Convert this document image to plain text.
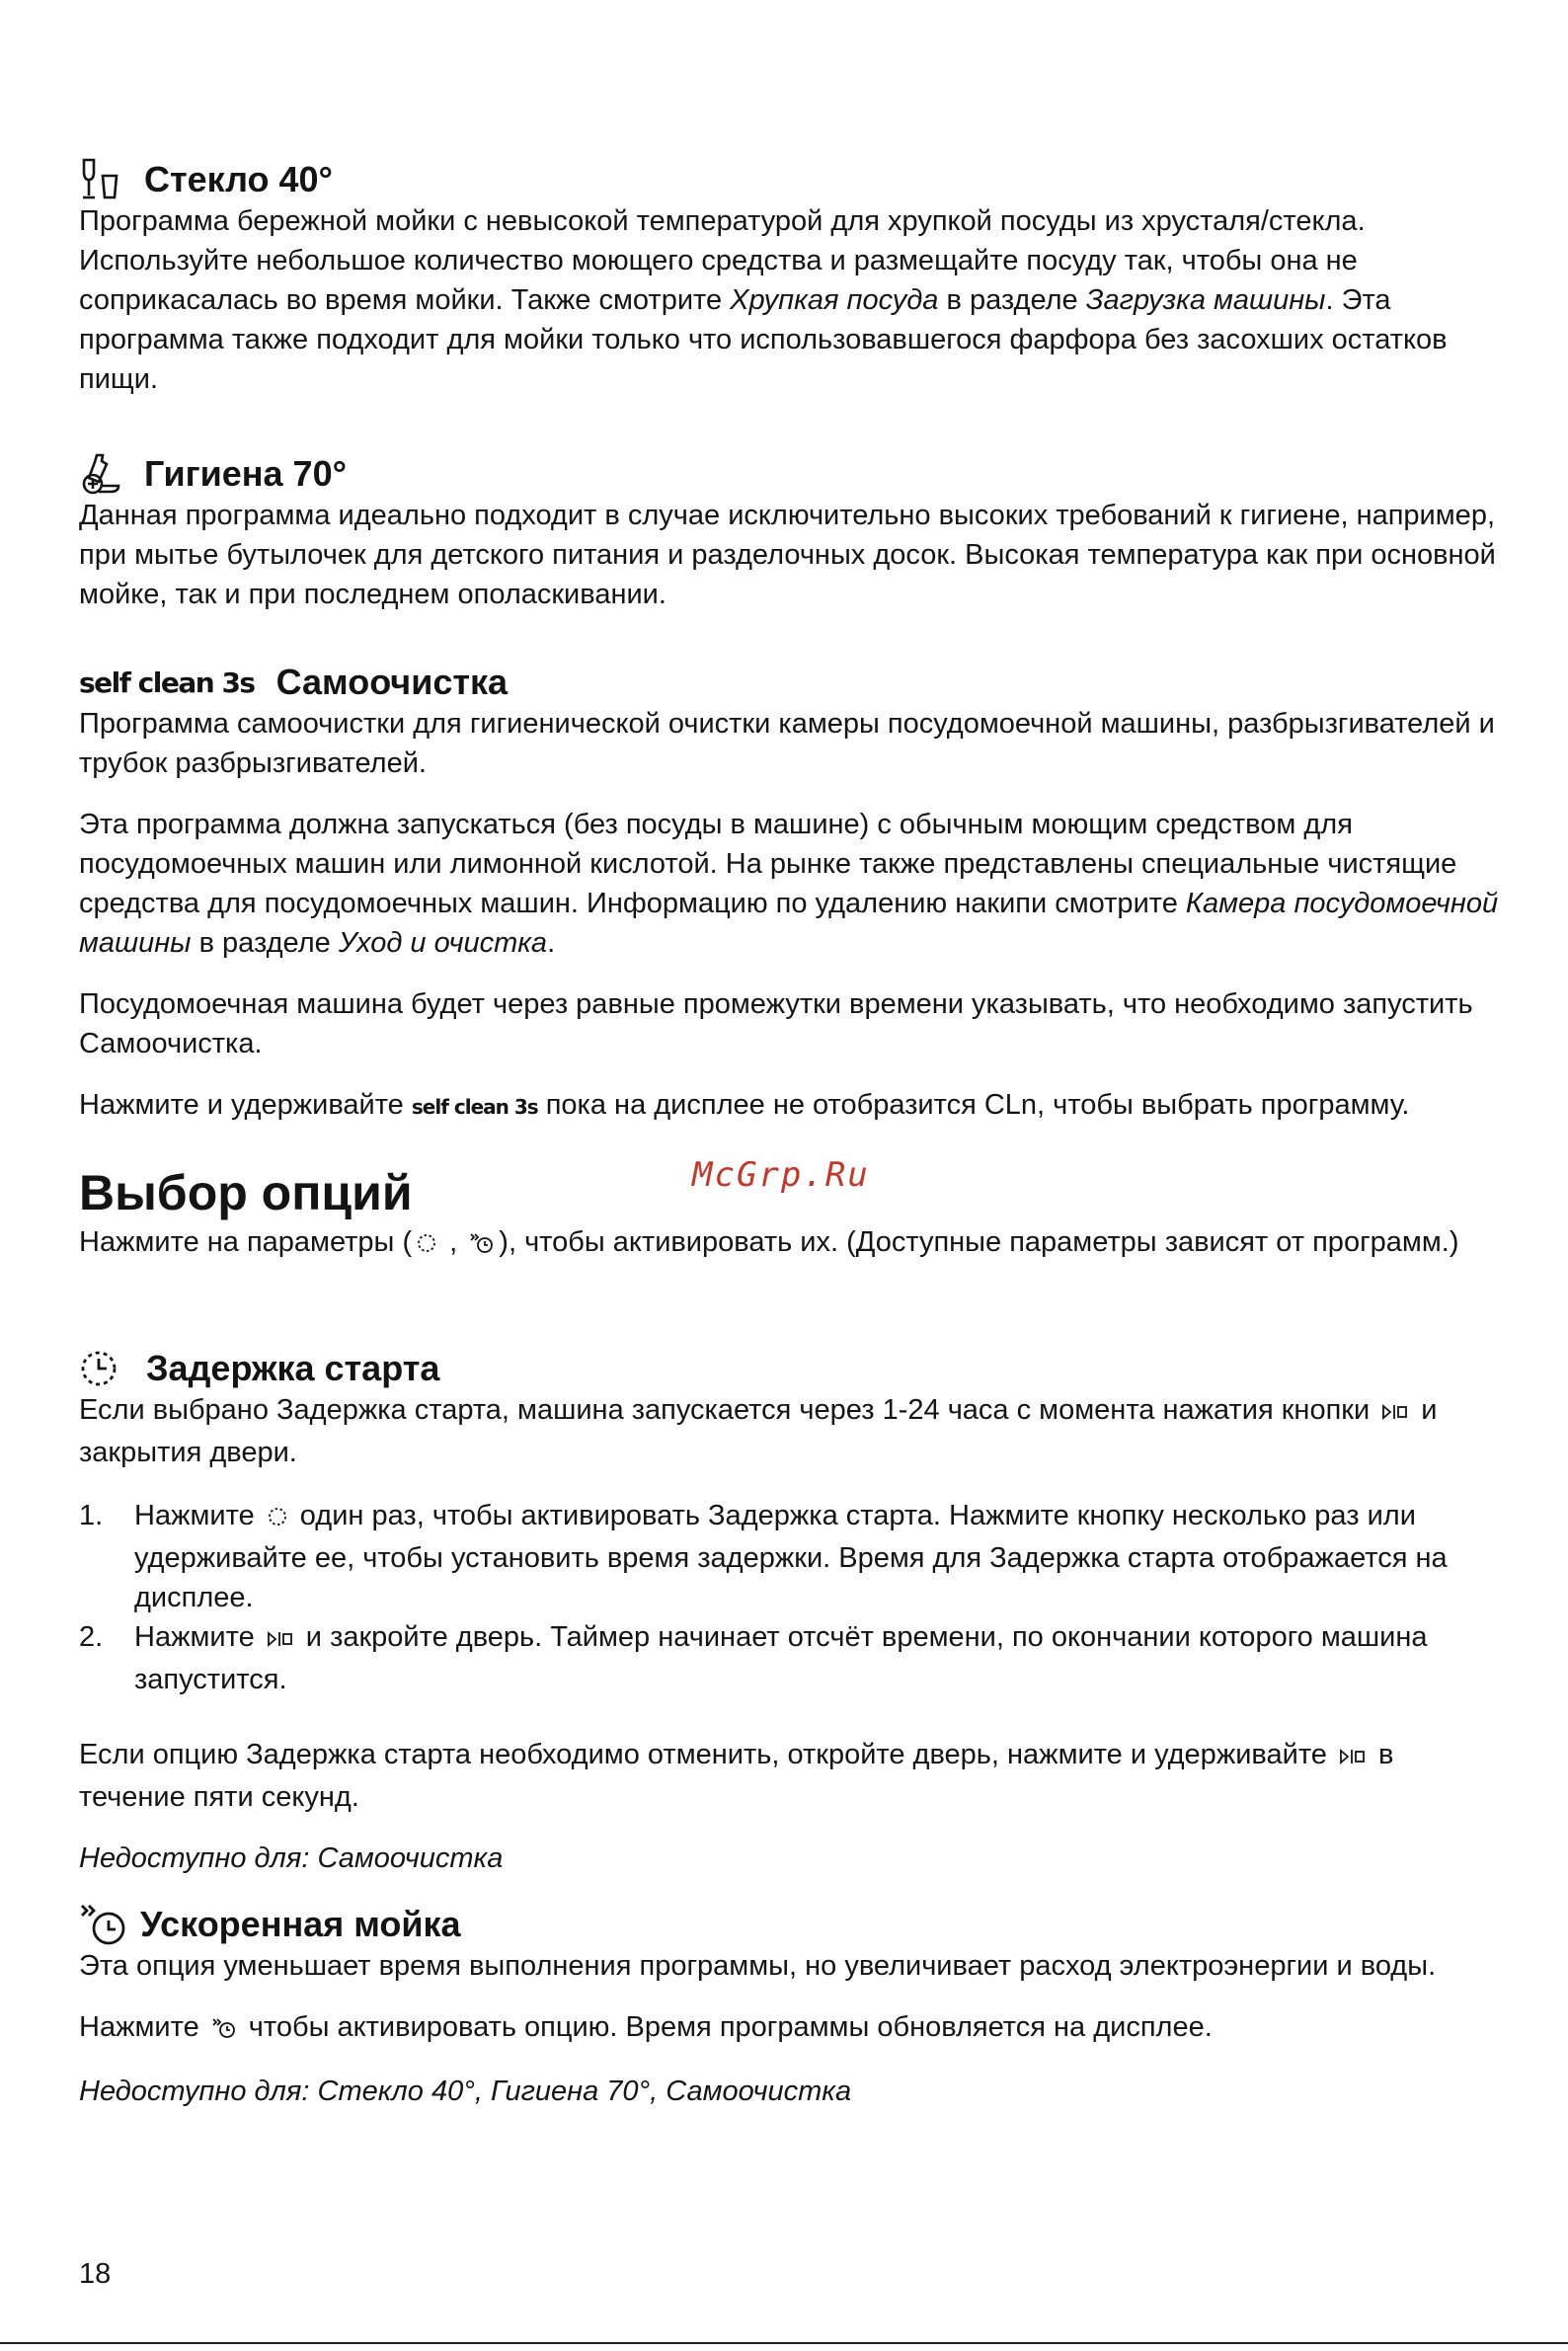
Стекло 40°

Программа бережной мойки с невысокой температурой для хрупкой посуды из хрусталя/стекла. Используйте небольшое количество моющего средства и размещайте посуду так, чтобы она не соприкасалась во время мойки. Также смотрите Хрупкая посуда в разделе Загрузка машины. Эта программа также подходит для мойки только что использовавшегося фарфора без засохших остатков пищи.

Гигиена 70°

Данная программа идеально подходит в случае исключительно высоких требований к гигиене, например, при мытье бутылочек для детского питания и разделочных досок. Высокая температура как при основной мойке, так и при последнем ополаскивании.

self clean 3s Самоочистка

Программа самоочистки для гигиенической очистки камеры посудомоечной машины, разбрызгивателей и трубок разбрызгивателей.

Эта программа должна запускаться (без посуды в машине) с обычным моющим средством для посудомоечных машин или лимонной кислотой. На рынке также представлены специальные чистящие средства для посудомоечных машин. Информацию по удалению накипи смотрите Камера посудомоечной машины в разделе Уход и очистка.

Посудомоечная машина будет через равные промежутки времени указывать, что необходимо запустить Самоочистка.

Нажмите и удерживайте self clean 3s пока на дисплее не отобразится CLn, чтобы выбрать программу.

Выбор опций

Нажмите на параметры ( , ), чтобы активировать их. (Доступные параметры зависят от программ.)

Задержка старта

Если выбрано Задержка старта, машина запускается через 1-24 часа с момента нажатия кнопки  и закрытия двери.

1.	Нажмите  один раз, чтобы активировать Задержка старта. Нажмите кнопку несколько раз или удерживайте ее, чтобы установить время задержки. Время для Задержка старта отображается на дисплее.
2.	Нажмите  и закройте дверь. Таймер начинает отсчёт времени, по окончании которого машина запустится.

Если опцию Задержка старта необходимо отменить, откройте дверь, нажмите и удерживайте  в течение пяти секунд.

Недоступно для: Самоочистка

Ускоренная мойка

Эта опция уменьшает время выполнения программы, но увеличивает расход электроэнергии и воды.

Нажмите  чтобы активировать опцию. Время программы обновляется на дисплее.

Недоступно для: Стекло 40°, Гигиена 70°, Самоочистка

McGrp.Ru
18
